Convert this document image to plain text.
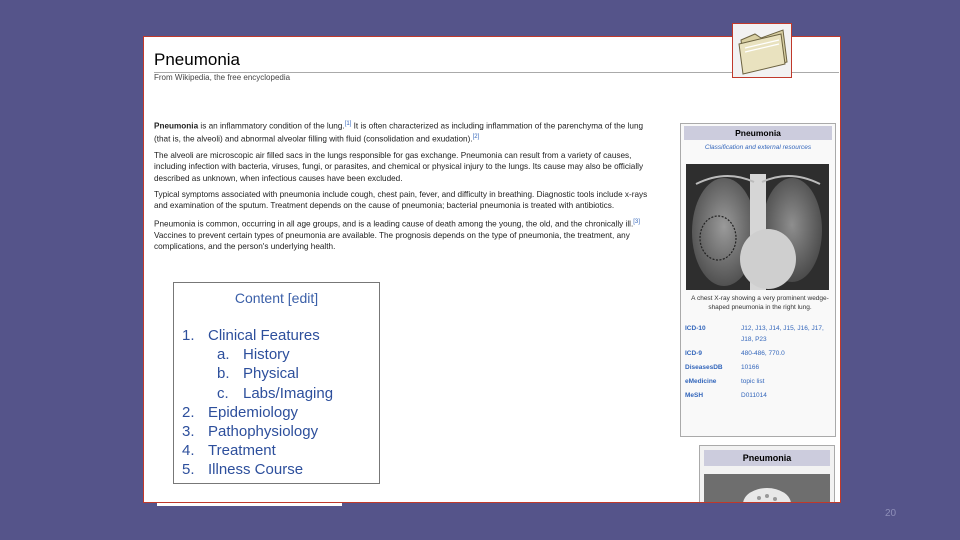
Pneumonia
From Wikipedia, the free encyclopedia

Pneumonia is an inflammatory condition of the lung.[1] It is often characterized as including inflammation of the parenchyma of the lung (that is, the alveoli) and abnormal alveolar filling with fluid (consolidation and exudation).[2]

The alveoli are microscopic air filled sacs in the lungs responsible for gas exchange. Pneumonia can result from a variety of causes, including infection with bacteria, viruses, fungi, or parasites, and chemical or physical injury to the lungs. Its cause may also be officially described as unknown, when infectious causes have been excluded.

Typical symptoms associated with pneumonia include cough, chest pain, fever, and difficulty in breathing. Diagnostic tools include x-rays and examination of the sputum. Treatment depends on the cause of pneumonia; bacterial pneumonia is treated with antibiotics.

Pneumonia is common, occurring in all age groups, and is a leading cause of death among the young, the old, and the chronically ill.[3] Vaccines to prevent certain types of pneumonia are available. The prognosis depends on the type of pneumonia, the treatment, any complications, and the person's underlying health.

Pneumonia
Classification and external resources
A chest X-ray showing a very prominent wedge-shaped pneumonia in the right lung.
ICD-10	J12, J13, J14, J15, J16, J17, J18, P23
ICD-9	480-486, 770.0
DiseasesDB	10166
eMedicine	topic list
MeSH	D011014
Pneumonia
Content [edit]
1. Clinical Features
a. History
b. Physical
c. Labs/Imaging
2. Epidemiology
3. Pathophysiology
4. Treatment
5. Illness Course
20
